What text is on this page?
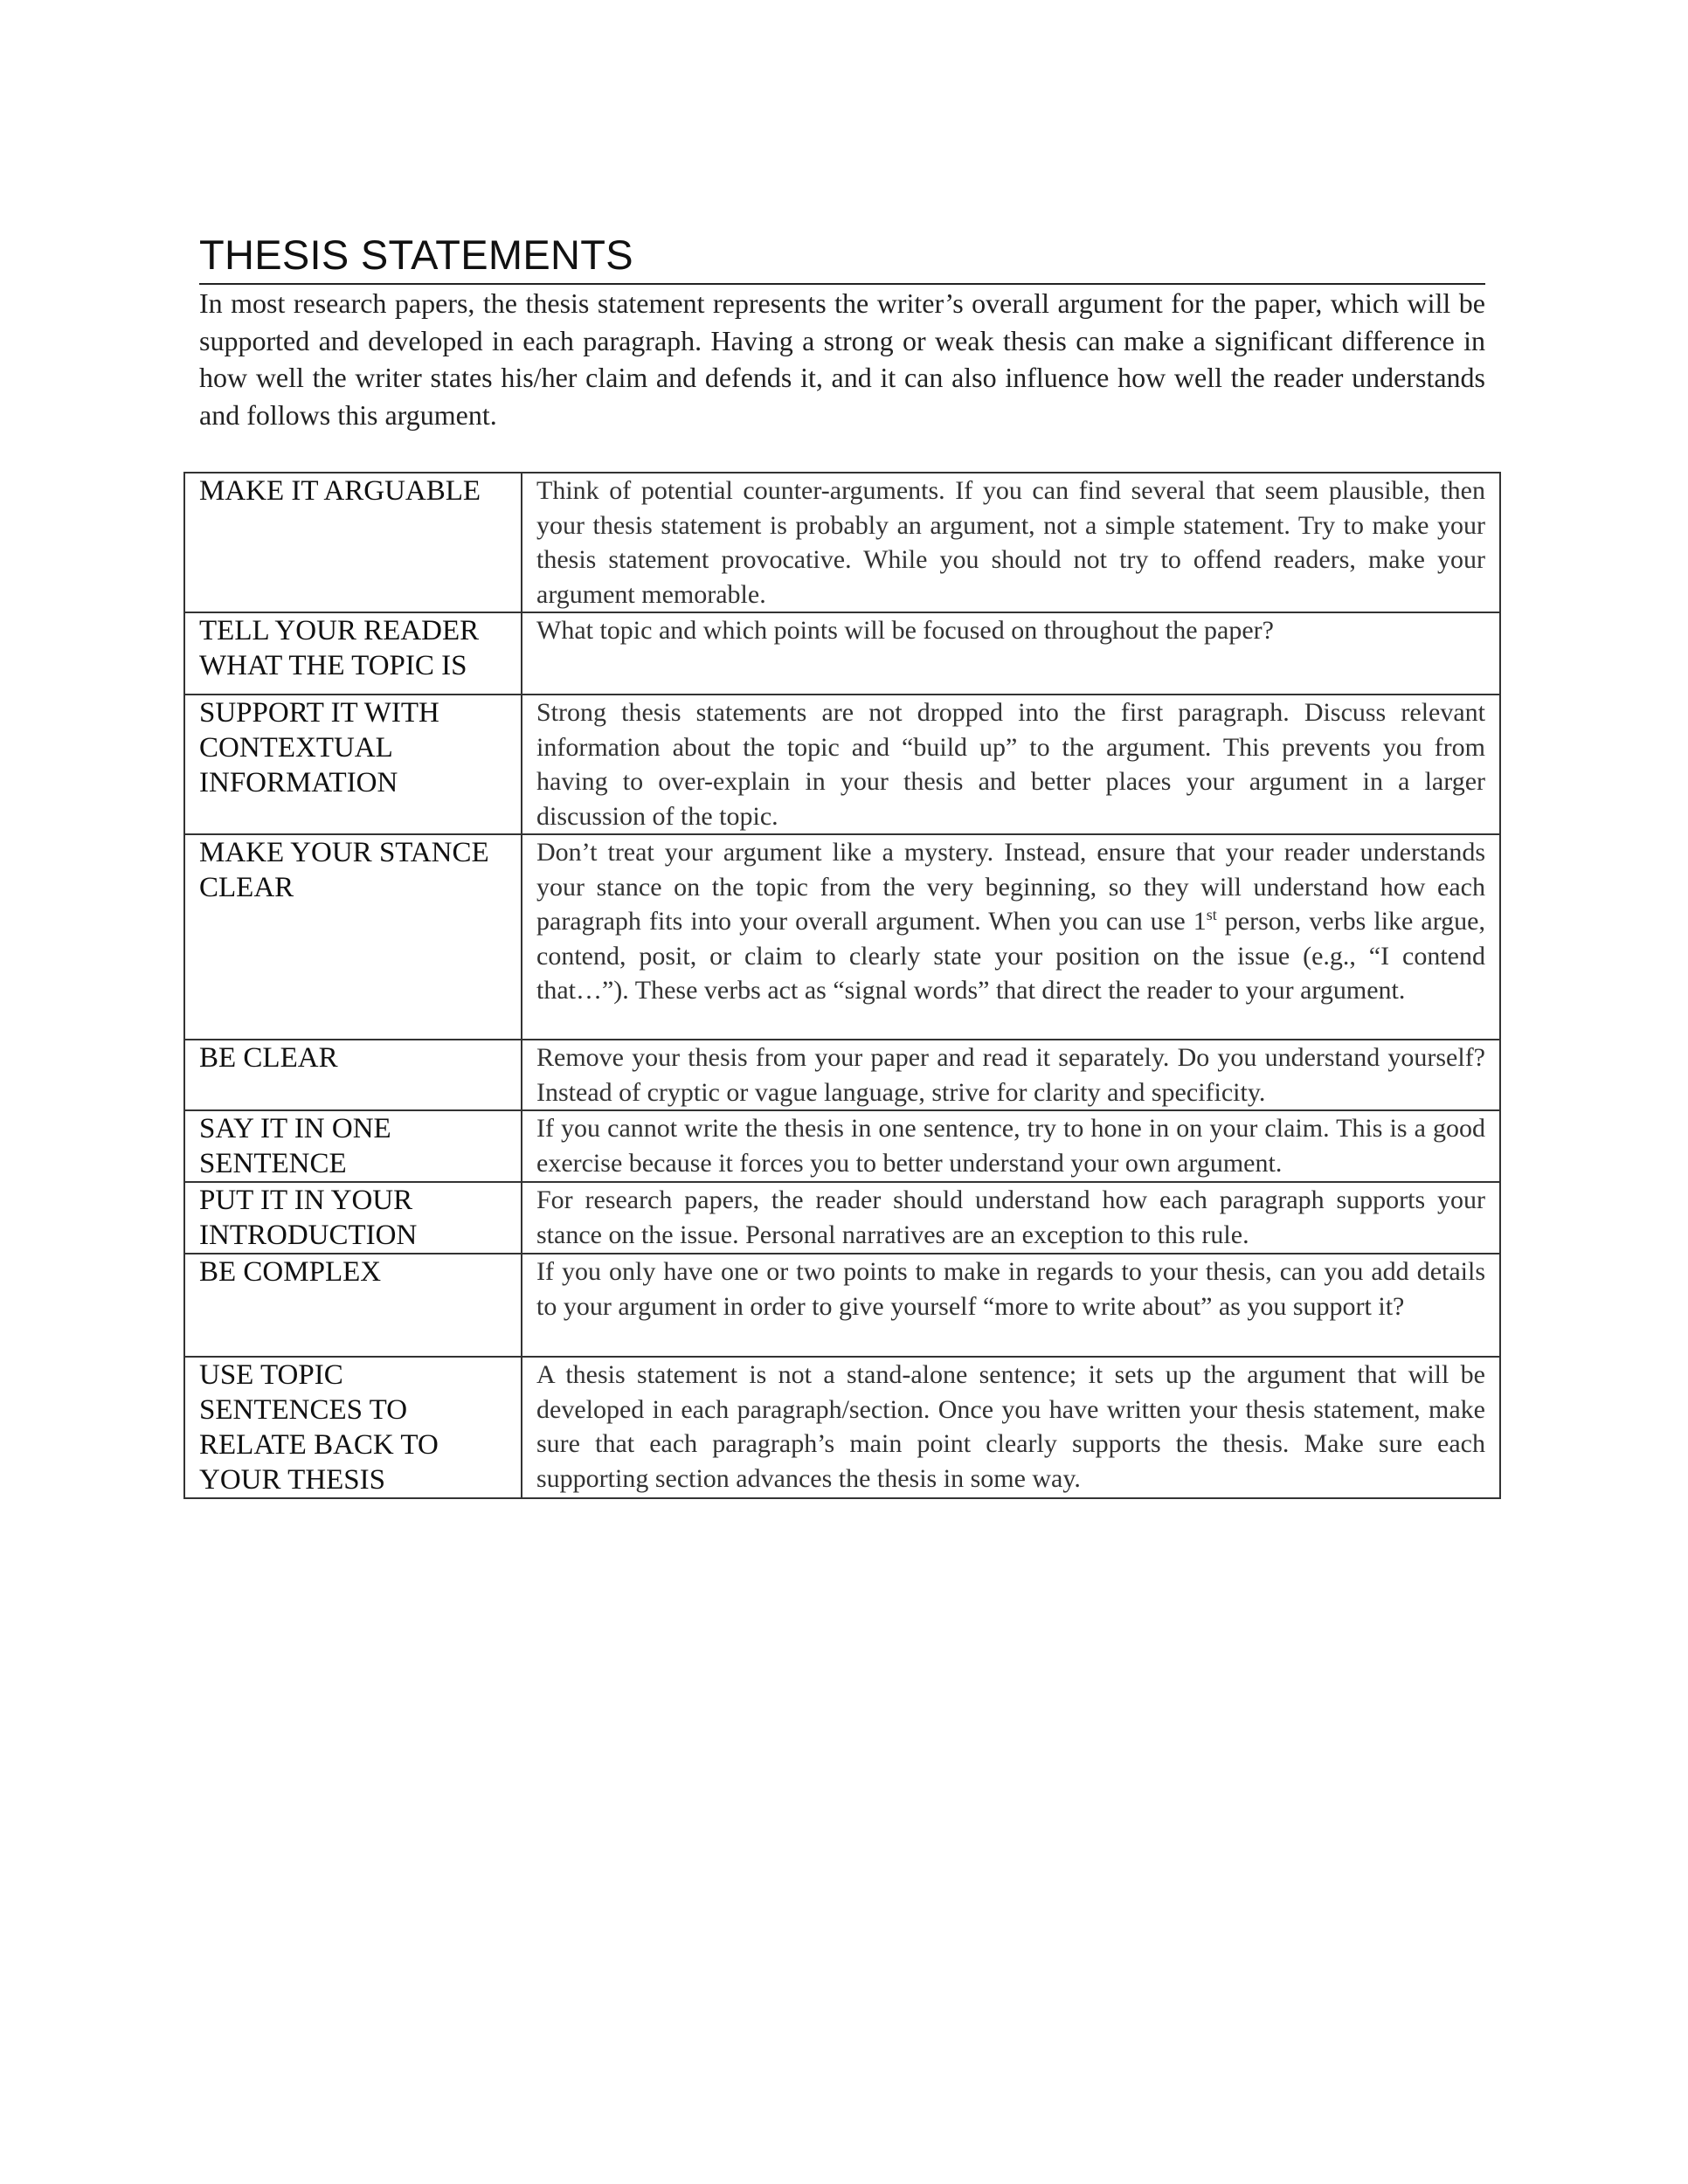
THESIS STATEMENTS

In most research papers, the thesis statement represents the writer’s overall argument for the paper, which will be supported and developed in each paragraph. Having a strong or weak thesis can make a significant difference in how well the writer states his/her claim and defends it, and it can also influence how well the reader understands and follows this argument.

MAKE IT ARGUABLE	Think of potential counter-arguments. If you can find several that seem plausible, then your thesis statement is probably an argument, not a simple statement. Try to make your thesis statement provocative. While you should not try to offend readers, make your argument memorable.

TELL YOUR READER WHAT THE TOPIC IS	What topic and which points will be focused on throughout the paper?

SUPPORT IT WITH CONTEXTUAL INFORMATION	Strong thesis statements are not dropped into the first paragraph. Discuss relevant information about the topic and “build up” to the argument. This prevents you from having to over-explain in your thesis and better places your argument in a larger discussion of the topic.

MAKE YOUR STANCE CLEAR	Don’t treat your argument like a mystery. Instead, ensure that your reader understands your stance on the topic from the very beginning, so they will understand how each paragraph fits into your overall argument. When you can use 1st person, verbs like argue, contend, posit, or claim to clearly state your position on the issue (e.g., “I contend that…”). These verbs act as “signal words” that direct the reader to your argument.

BE CLEAR	Remove your thesis from your paper and read it separately. Do you understand yourself? Instead of cryptic or vague language, strive for clarity and specificity.

SAY IT IN ONE SENTENCE	If you cannot write the thesis in one sentence, try to hone in on your claim. This is a good exercise because it forces you to better understand your own argument.

PUT IT IN YOUR INTRODUCTION	For research papers, the reader should understand how each paragraph supports your stance on the issue. Personal narratives are an exception to this rule.

BE COMPLEX	If you only have one or two points to make in regards to your thesis, can you add details to your argument in order to give yourself “more to write about” as you support it?

USE TOPIC SENTENCES TO RELATE BACK TO YOUR THESIS	A thesis statement is not a stand-alone sentence; it sets up the argument that will be developed in each paragraph/section. Once you have written your thesis statement, make sure that each paragraph’s main point clearly supports the thesis. Make sure each supporting section advances the thesis in some way.
